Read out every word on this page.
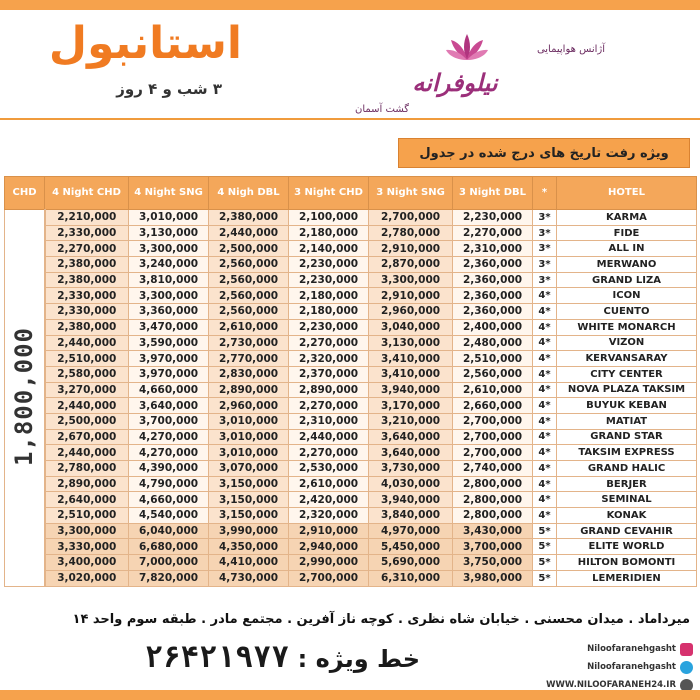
استانبول
۳ شب و ۴ روز
آژانس هواپیمایی
نیلوفرانه
گشت آسمان
ویژه رفت تاریخ های درج شده در جدول
CHD	4 Night CHD	4 Night SNG	4 Nigh DBL	3 Night CHD	3 Night SNG	3 Night DBL	*	HOTEL
1,800,000	2,210,000	3,010,000	2,380,000	2,100,000	2,700,000	2,230,000	3*	KARMA
	2,330,000	3,130,000	2,440,000	2,180,000	2,780,000	2,270,000	3*	FIDE
	2,270,000	3,300,000	2,500,000	2,140,000	2,910,000	2,310,000	3*	ALL IN
	2,380,000	3,240,000	2,560,000	2,230,000	2,870,000	2,360,000	3*	MERWANO
	2,380,000	3,810,000	2,560,000	2,230,000	3,300,000	2,360,000	3*	GRAND LIZA
	2,330,000	3,300,000	2,560,000	2,180,000	2,910,000	2,360,000	4*	ICON
	2,330,000	3,360,000	2,560,000	2,180,000	2,960,000	2,360,000	4*	CUENTO
	2,380,000	3,470,000	2,610,000	2,230,000	3,040,000	2,400,000	4*	WHITE MONARCH
	2,440,000	3,590,000	2,730,000	2,270,000	3,130,000	2,480,000	4*	VIZON
	2,510,000	3,970,000	2,770,000	2,320,000	3,410,000	2,510,000	4*	KERVANSARAY
	2,580,000	3,970,000	2,830,000	2,370,000	3,410,000	2,560,000	4*	CITY CENTER
	3,270,000	4,660,000	2,890,000	2,890,000	3,940,000	2,610,000	4*	NOVA PLAZA TAKSIM
	2,440,000	3,640,000	2,960,000	2,270,000	3,170,000	2,660,000	4*	BUYUK KEBAN
	2,500,000	3,700,000	3,010,000	2,310,000	3,210,000	2,700,000	4*	MATIAT
	2,670,000	4,270,000	3,010,000	2,440,000	3,640,000	2,700,000	4*	GRAND STAR
	2,440,000	4,270,000	3,010,000	2,270,000	3,640,000	2,700,000	4*	TAKSIM EXPRESS
	2,780,000	4,390,000	3,070,000	2,530,000	3,730,000	2,740,000	4*	GRAND HALIC
	2,890,000	4,790,000	3,150,000	2,610,000	4,030,000	2,800,000	4*	BERJER
	2,640,000	4,660,000	3,150,000	2,420,000	3,940,000	2,800,000	4*	SEMINAL
	2,510,000	4,540,000	3,150,000	2,320,000	3,840,000	2,800,000	4*	KONAK
	3,300,000	6,040,000	3,990,000	2,910,000	4,970,000	3,430,000	5*	GRAND CEVAHIR
	3,330,000	6,680,000	4,350,000	2,940,000	5,450,000	3,700,000	5*	ELITE WORLD
	3,400,000	7,000,000	4,410,000	2,990,000	5,690,000	3,750,000	5*	HILTON BOMONTI
	3,020,000	7,820,000	4,730,000	2,700,000	6,310,000	3,980,000	5*	LEMERIDIEN
میرداماد . میدان محسنی . خیابان شاه نظری . کوچه ناز آفرین . مجتمع مادر . طبقه سوم واحد ۱۴
خط ویژه : ۲۶۴۲۱۹۷۷	Niloofaranehgasht
Niloofaranehgasht
WWW.NILOOFARANEH24.IR
